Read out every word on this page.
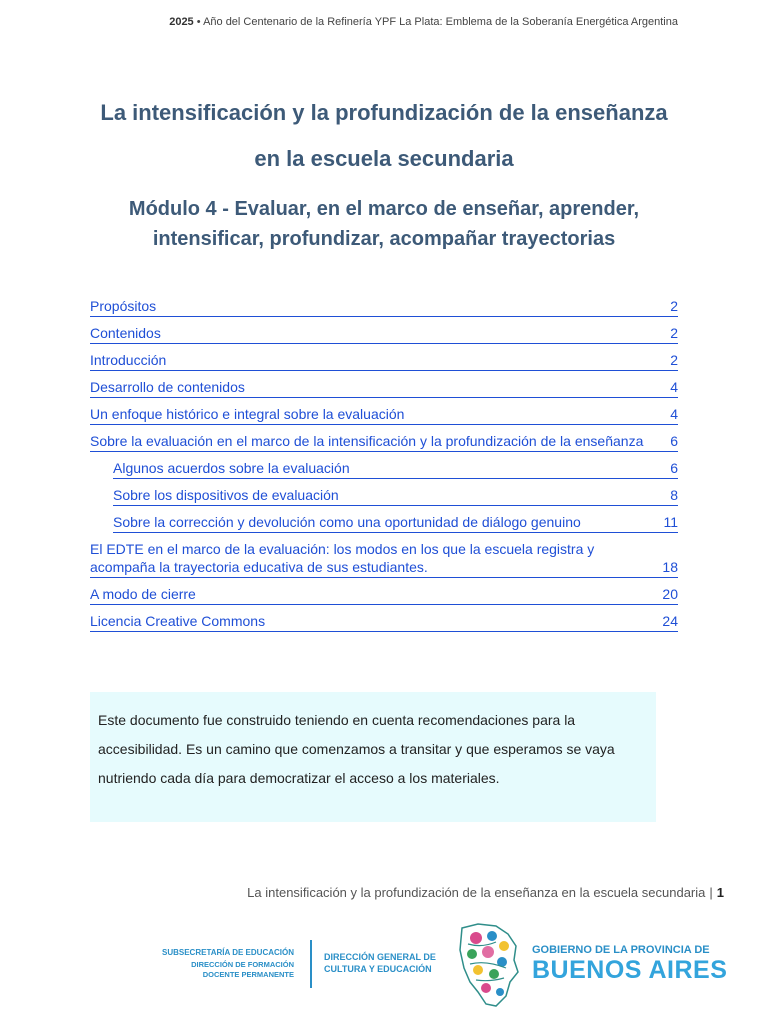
2025 • Año del Centenario de la Refinería YPF La Plata: Emblema de la Soberanía Energética Argentina
La intensificación y la profundización de la enseñanza
en la escuela secundaria
Módulo 4 - Evaluar, en el marco de enseñar, aprender,
intensificar, profundizar, acompañar trayectorias
Propósitos	2
Contenidos	2
Introducción	2
Desarrollo de contenidos	4
Un enfoque histórico e integral sobre la evaluación	4
Sobre la evaluación en el marco de la intensificación y la profundización de la enseñanza 6
Algunos acuerdos sobre la evaluación	6
Sobre los dispositivos de evaluación	8
Sobre la corrección y devolución como una oportunidad de diálogo genuino	11
El EDTE en el marco de la evaluación: los modos en los que la escuela registra y acompaña la trayectoria educativa de sus estudiantes.	18
A modo de cierre	20
Licencia Creative Commons	24
Este documento fue construido teniendo en cuenta recomendaciones para la accesibilidad. Es un camino que comenzamos a transitar y que esperamos se vaya nutriendo cada día para democratizar el acceso a los materiales.
La intensificación y la profundización de la enseñanza en la escuela secundaria | 1
SUBSECRETARÍA DE EDUCACIÓN
DIRECCIÓN DE FORMACIÓN
DOCENTE PERMANENTE
DIRECCIÓN GENERAL DE
CULTURA Y EDUCACIÓN
GOBIERNO DE LA PROVINCIA DE
BUENOS AIRES
